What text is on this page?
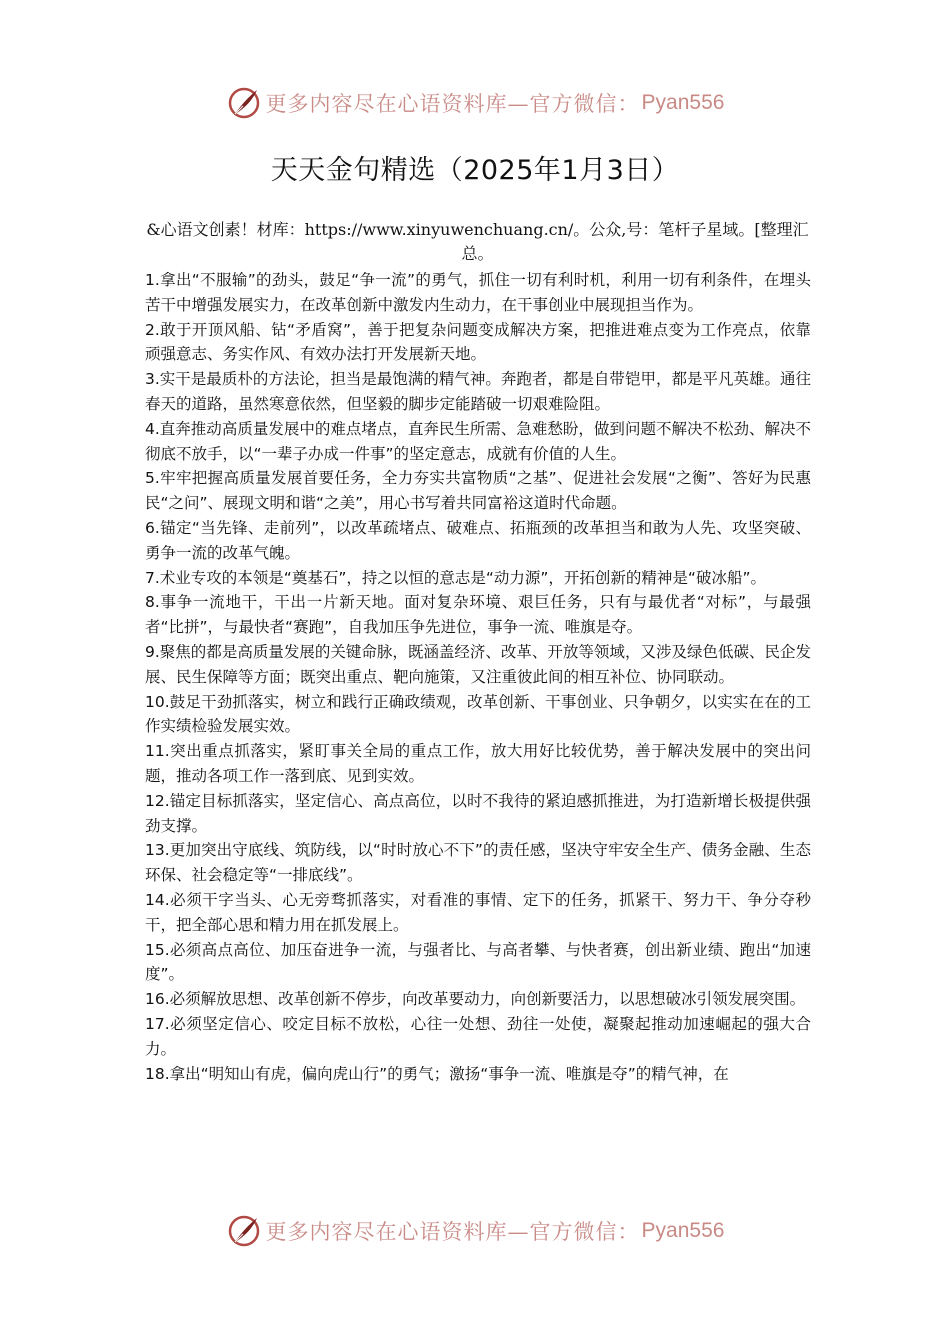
更多内容尽在心语资料库—官方微信： Pyan556
天天金句精选（2025年1月3日）
&心语文创素！材库：https://www.xinyuwenchuang.cn/。公众,号：笔杆子星域。[整理汇总。
1.拿出“不服输”的劲头，鼓足“争一流”的勇气，抓住一切有利时机，利用一切有利条件，在埋头苦干中增强发展实力，在改革创新中激发内生动力，在干事创业中展现担当作为。
2.敢于开顶风船、钻“矛盾窝”，善于把复杂问题变成解决方案，把推进难点变为工作亮点，依靠顽强意志、务实作风、有效办法打开发展新天地。
3.实干是最质朴的方法论，担当是最饱满的精气神。奔跑者，都是自带铠甲，都是平凡英雄。通往春天的道路，虽然寒意依然，但坚毅的脚步定能踏破一切艰难险阻。
4.直奔推动高质量发展中的难点堵点，直奔民生所需、急难愁盼，做到问题不解决不松劲、解决不彻底不放手，以“一辈子办成一件事”的坚定意志，成就有价值的人生。
5.牢牢把握高质量发展首要任务，全力夯实共富物质“之基”、促进社会发展“之衡”、答好为民惠民“之问”、展现文明和谐“之美”，用心书写着共同富裕这道时代命题。
6.锚定“当先锋、走前列”，以改革疏堵点、破难点、拓瓶颈的改革担当和敢为人先、攻坚突破、勇争一流的改革气魄。
7.术业专攻的本领是“奠基石”，持之以恒的意志是“动力源”，开拓创新的精神是“破冰船”。
8.事争一流地干，干出一片新天地。面对复杂环境、艰巨任务，只有与最优者“对标”，与最强者“比拼”，与最快者“赛跑”，自我加压争先进位，事争一流、唯旗是夺。
9.聚焦的都是高质量发展的关键命脉，既涵盖经济、改革、开放等领域，又涉及绿色低碳、民企发展、民生保障等方面；既突出重点、靶向施策，又注重彼此间的相互补位、协同联动。
10.鼓足干劲抓落实，树立和践行正确政绩观，改革创新、干事创业、只争朝夕，以实实在在的工作实绩检验发展实效。
11.突出重点抓落实，紧盯事关全局的重点工作，放大用好比较优势，善于解决发展中的突出问题，推动各项工作一落到底、见到实效。
12.锚定目标抓落实，坚定信心、高点高位，以时不我待的紧迫感抓推进，为打造新增长极提供强劲支撑。
13.更加突出守底线、筑防线，以“时时放心不下”的责任感，坚决守牢安全生产、债务金融、生态环保、社会稳定等“一排底线”。
14.必须干字当头、心无旁骛抓落实，对看准的事情、定下的任务，抓紧干、努力干、争分夺秒干，把全部心思和精力用在抓发展上。
15.必须高点高位、加压奋进争一流，与强者比、与高者攀、与快者赛，创出新业绩、跑出“加速度”。
16.必须解放思想、改革创新不停步，向改革要动力，向创新要活力，以思想破冰引领发展突围。
17.必须坚定信心、咬定目标不放松，心往一处想、劲往一处使，凝聚起推动加速崛起的强大合力。
18.拿出“明知山有虎，偏向虎山行”的勇气；激扬“事争一流、唯旗是夺”的精气神，在
更多内容尽在心语资料库—官方微信： Pyan556
